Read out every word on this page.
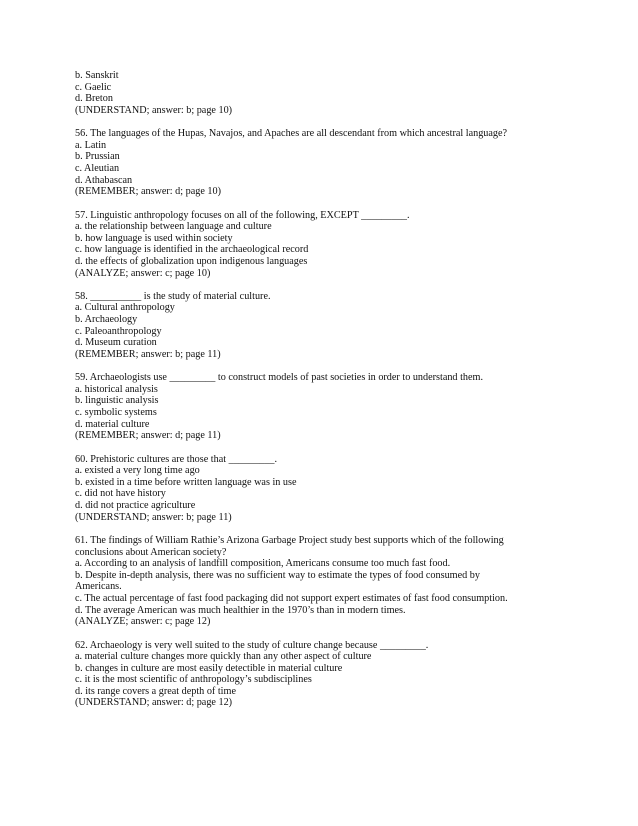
b. Sanskrit
c. Gaelic
d. Breton
(UNDERSTAND; answer: b; page 10)
56. The languages of the Hupas, Navajos, and Apaches are all descendant from which ancestral language?
a. Latin
b. Prussian
c. Aleutian
d. Athabascan
(REMEMBER; answer: d; page 10)
57. Linguistic anthropology focuses on all of the following, EXCEPT _________.
a. the relationship between language and culture
b. how language is used within society
c. how language is identified in the archaeological record
d. the effects of globalization upon indigenous languages
(ANALYZE; answer: c; page 10)
58. __________ is the study of material culture.
a. Cultural anthropology
b. Archaeology
c. Paleoanthropology
d. Museum curation
(REMEMBER; answer: b; page 11)
59. Archaeologists use _________ to construct models of past societies in order to understand them.
a. historical analysis
b. linguistic analysis
c. symbolic systems
d. material culture
(REMEMBER; answer: d; page 11)
60. Prehistoric cultures are those that _________.
a. existed a very long time ago
b. existed in a time before written language was in use
c. did not have history
d. did not practice agriculture
(UNDERSTAND; answer: b; page 11)
61. The findings of William Rathie’s Arizona Garbage Project study best supports which of the following
conclusions about American society?
a. According to an analysis of landfill composition, Americans consume too much fast food.
b. Despite in-depth analysis, there was no sufficient way to estimate the types of food consumed by
Americans.
c. The actual percentage of fast food packaging did not support expert estimates of fast food consumption.
d. The average American was much healthier in the 1970’s than in modern times.
(ANALYZE; answer: c; page 12)
62. Archaeology is very well suited to the study of culture change because _________.
a. material culture changes more quickly than any other aspect of culture
b. changes in culture are most easily detectible in material culture
c. it is the most scientific of anthropology’s subdisciplines
d. its range covers a great depth of time
(UNDERSTAND; answer: d; page 12)
